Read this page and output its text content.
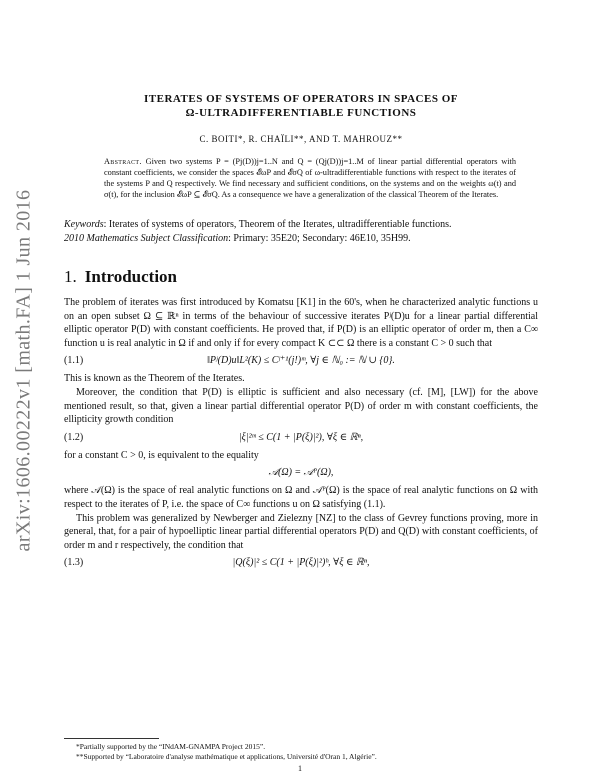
arXiv:1606.00222v1 [math.FA] 1 Jun 2016
ITERATES OF SYSTEMS OF OPERATORS IN SPACES OF
Ω-ULTRADIFFERENTIABLE FUNCTIONS
C. BOITI*, R. CHAÏLI**, AND T. MAHROUZ**
Abstract. Given two systems P = (Pj(D))j=1..N and Q = (Qj(D))j=1..M of linear partial differential operators with constant coefficients, we consider the spaces 𝓔ωP and 𝓔σQ of ω-ultradifferentiable functions with respect to the iterates of the systems P and Q respectively. We find necessary and sufficient conditions, on the systems and on the weights ω(t) and σ(t), for the inclusion 𝓔ωP ⊆ 𝓔σQ. As a consequence we have a generalization of the classical Theorem of the Iterates.
Keywords: Iterates of systems of operators, Theorem of the Iterates, ultradifferentiable functions.
2010 Mathematics Subject Classification: Primary: 35E20; Secondary: 46E10, 35H99.
1. Introduction

The problem of iterates was first introduced by Komatsu [K1] in the 60's, when he characterized analytic functions u on an open subset Ω ⊆ ℝⁿ in terms of the behaviour of successive iterates Pʲ(D)u for a linear partial differential elliptic operator P(D) with constant coefficients. He proved that, if P(D) is an elliptic operator of order m, then a C∞ function u is real analytic in Ω if and only if for every compact K ⊂⊂ Ω there is a constant C > 0 such that

(1.1)	‖Pʲ(D)u‖L²(K) ≤ Cʲ⁺¹(j!)ᵐ, ∀j ∈ ℕ₀ := ℕ ∪ {0}.

This is known as the Theorem of the Iterates.

Moreover, the condition that P(D) is elliptic is sufficient and also necessary (cf. [M], [LW]) for the above mentioned result, so that, given a linear partial differential operator P(D) of order m with constant coefficients, the ellipticity growth condition

(1.2)	|ξ|²ᵐ ≤ C(1 + |P(ξ)|²), ∀ξ ∈ ℝⁿ,

for a constant C > 0, is equivalent to the equality

𝒜(Ω) = 𝒜ᴾ(Ω),

where 𝒜(Ω) is the space of real analytic functions on Ω and 𝒜ᴾ(Ω) is the space of real analytic functions on Ω with respect to the iterates of P, i.e. the space of C∞ functions u on Ω satisfying (1.1).

This problem was generalized by Newberger and Zielezny [NZ] to the class of Gevrey functions proving, more in general, that, for a pair of hypoelliptic linear partial differential operators P(D) and Q(D) with constant coefficients, of order m and r respectively, the condition that

(1.3)	|Q(ξ)|² ≤ C(1 + |P(ξ)|²)ʰ, ∀ξ ∈ ℝⁿ,
*Partially supported by the “INdAM-GNAMPA Project 2015”.
**Supported by “Laboratoire d'analyse mathématique et applications, Université d'Oran 1, Algérie”.
1
